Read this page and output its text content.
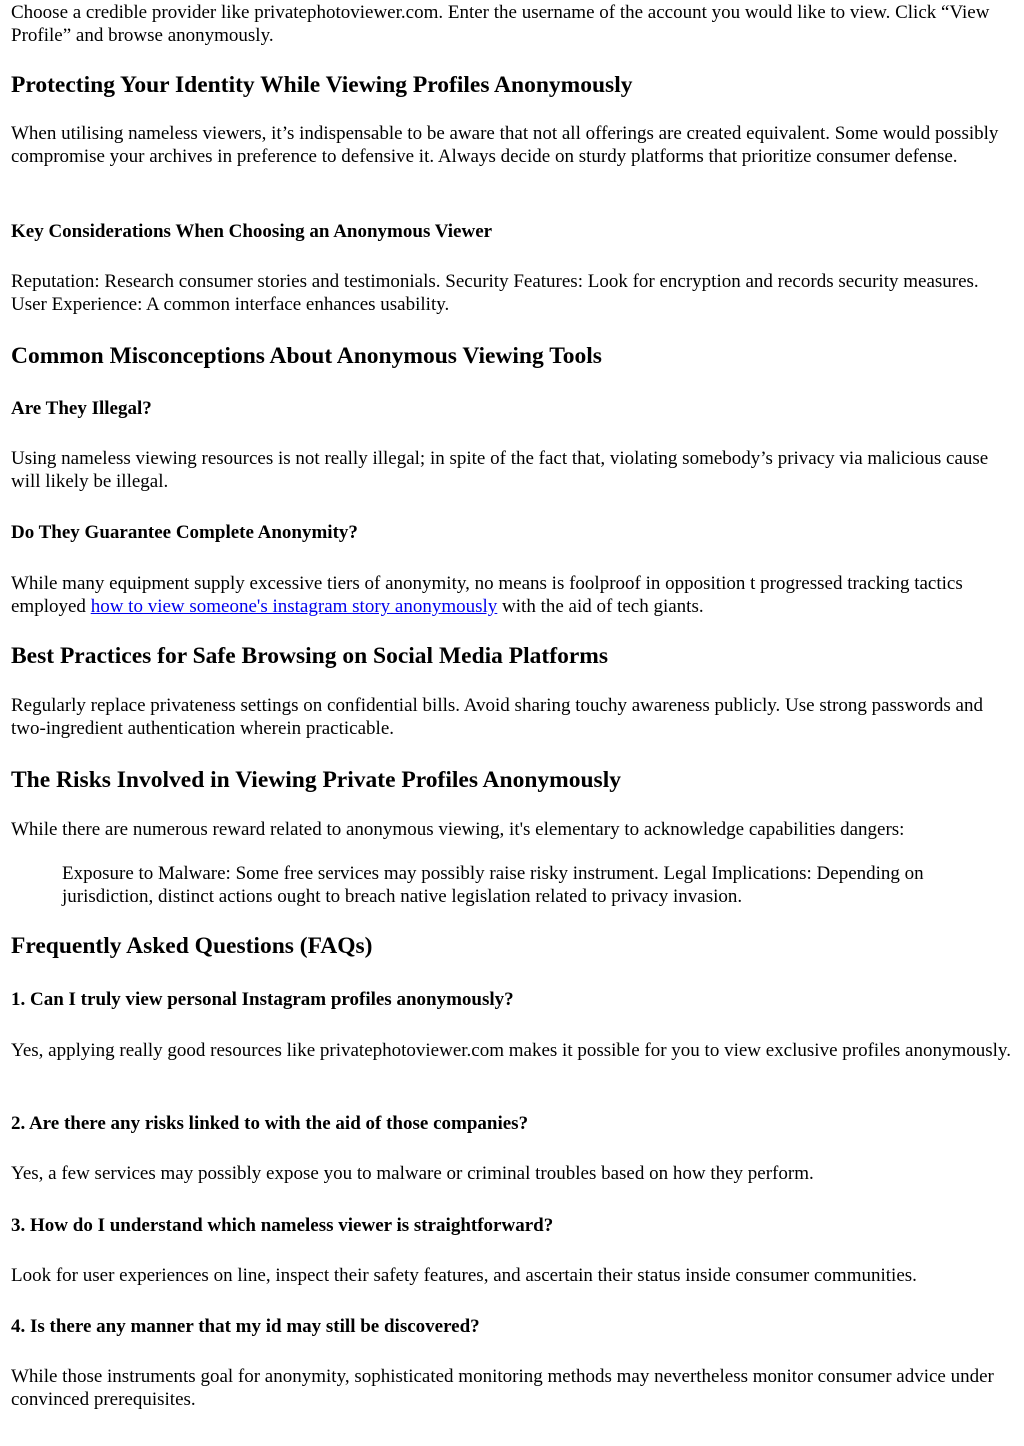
Choose a credible provider like privatephotoviewer.com. Enter the username of the account you would like to view. Click “View Profile” and browse anonymously.

Protecting Your Identity While Viewing Profiles Anonymously

When utilising nameless viewers, it’s indispensable to be aware that not all offerings are created equivalent. Some would possibly compromise your archives in preference to defensive it. Always decide on sturdy platforms that prioritize consumer defense.

Key Considerations When Choosing an Anonymous Viewer

Reputation: Research consumer stories and testimonials. Security Features: Look for encryption and records security measures. User Experience: A common interface enhances usability.

Common Misconceptions About Anonymous Viewing Tools
Are They Illegal?

Using nameless viewing resources is not really illegal; in spite of the fact that, violating somebody’s privacy via malicious cause will likely be illegal.

Do They Guarantee Complete Anonymity?

While many equipment supply excessive tiers of anonymity, no means is foolproof in opposition t progressed tracking tactics employed how to view someone's instagram story anonymously with the aid of tech giants.

Best Practices for Safe Browsing on Social Media Platforms

Regularly replace privateness settings on confidential bills. Avoid sharing touchy awareness publicly. Use strong passwords and two-ingredient authentication wherein practicable.

The Risks Involved in Viewing Private Profiles Anonymously

While there are numerous reward related to anonymous viewing, it's elementary to acknowledge capabilities dangers:

Exposure to Malware: Some free services may possibly raise risky instrument. Legal Implications: Depending on jurisdiction, distinct actions ought to breach native legislation related to privacy invasion.

Frequently Asked Questions (FAQs)
1. Can I truly view personal Instagram profiles anonymously?

Yes, applying really good resources like privatephotoviewer.com makes it possible for you to view exclusive profiles anonymously.

2. Are there any risks linked to with the aid of those companies?

Yes, a few services may possibly expose you to malware or criminal troubles based on how they perform.

3. How do I understand which nameless viewer is straightforward?

Look for user experiences on line, inspect their safety features, and ascertain their status inside consumer communities.

4. Is there any manner that my id may still be discovered?

While those instruments goal for anonymity, sophisticated monitoring methods may nevertheless monitor consumer advice under convinced prerequisites.
